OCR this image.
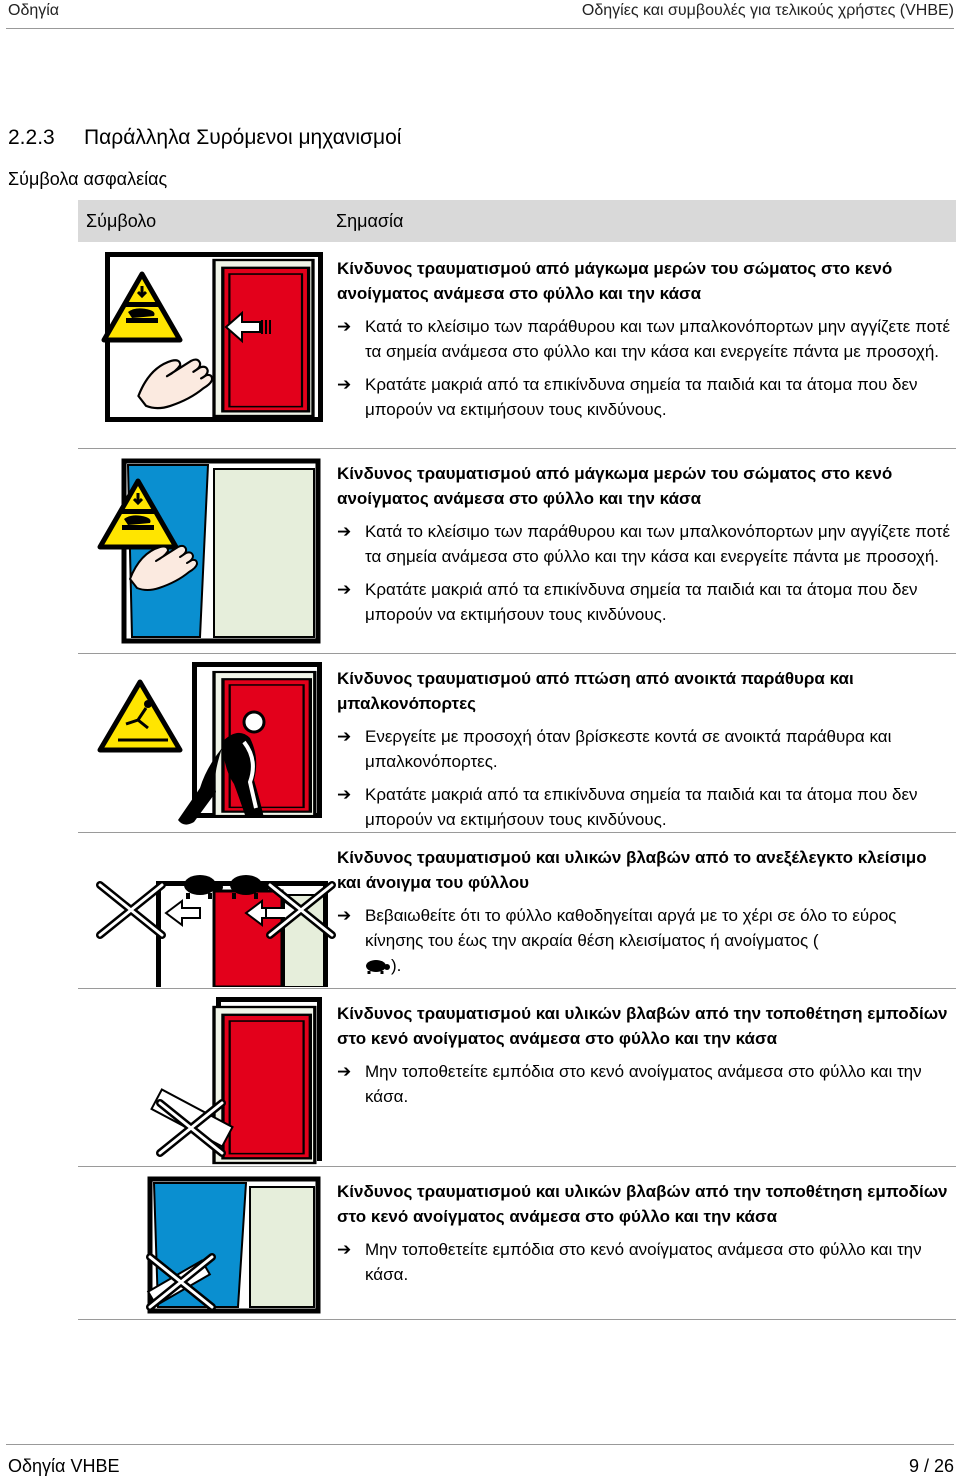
Οδηγία	Οδηγίες και συμβουλές για τελικούς χρήστες (VHBE)
2.2.3 Παράλληλα Συρόμενοι μηχανισμοί
Σύμβολα ασφαλείας
Σύμβολο	Σημασία
Κίνδυνος τραυματισμού από μάγκωμα μερών του σώματος στο κενό ανοίγματος ανάμεσα στο φύλλο και την κάσα
➔ Κατά το κλείσιμο των παράθυρου και των μπαλκονόπορτων μην αγγίζετε ποτέ τα σημεία ανάμεσα στο φύλλο και την κάσα και ενεργείτε πάντα με προσοχή.
➔ Κρατάτε μακριά από τα επικίνδυνα σημεία τα παιδιά και τα άτομα που δεν μπορούν να εκτιμήσουν τους κινδύνους.
Κίνδυνος τραυματισμού από μάγκωμα μερών του σώματος στο κενό ανοίγματος ανάμεσα στο φύλλο και την κάσα
➔ Κατά το κλείσιμο των παράθυρου και των μπαλκονόπορτων μην αγγίζετε ποτέ τα σημεία ανάμεσα στο φύλλο και την κάσα και ενεργείτε πάντα με προσοχή.
➔ Κρατάτε μακριά από τα επικίνδυνα σημεία τα παιδιά και τα άτομα που δεν μπορούν να εκτιμήσουν τους κινδύνους.
Κίνδυνος τραυματισμού από πτώση από ανοικτά παράθυρα και μπαλκονόπορτες
➔ Ενεργείτε με προσοχή όταν βρίσκεστε κοντά σε ανοικτά παράθυρα και μπαλκονόπορτες.
➔ Κρατάτε μακριά από τα επικίνδυνα σημεία τα παιδιά και τα άτομα που δεν μπορούν να εκτιμήσουν τους κινδύνους.
Κίνδυνος τραυματισμού και υλικών βλαβών από το ανεξέλεγκτο κλείσιμο και άνοιγμα του φύλλου
➔ Βεβαιωθείτε ότι το φύλλο καθοδηγείται αργά με το χέρι σε όλο το εύρος κίνησης του έως την ακραία θέση κλεισίματος ή ανοίγματος (
).
Κίνδυνος τραυματισμού και υλικών βλαβών από την τοποθέτηση εμποδίων στο κενό ανοίγματος ανάμεσα στο φύλλο και την κάσα
➔ Μην τοποθετείτε εμπόδια στο κενό ανοίγματος ανάμεσα στο φύλλο και την κάσα.
Κίνδυνος τραυματισμού και υλικών βλαβών από την τοποθέτηση εμποδίων στο κενό ανοίγματος ανάμεσα στο φύλλο και την κάσα
➔ Μην τοποθετείτε εμπόδια στο κενό ανοίγματος ανάμεσα στο φύλλο και την κάσα.
Οδηγία VHBE	9 / 26
